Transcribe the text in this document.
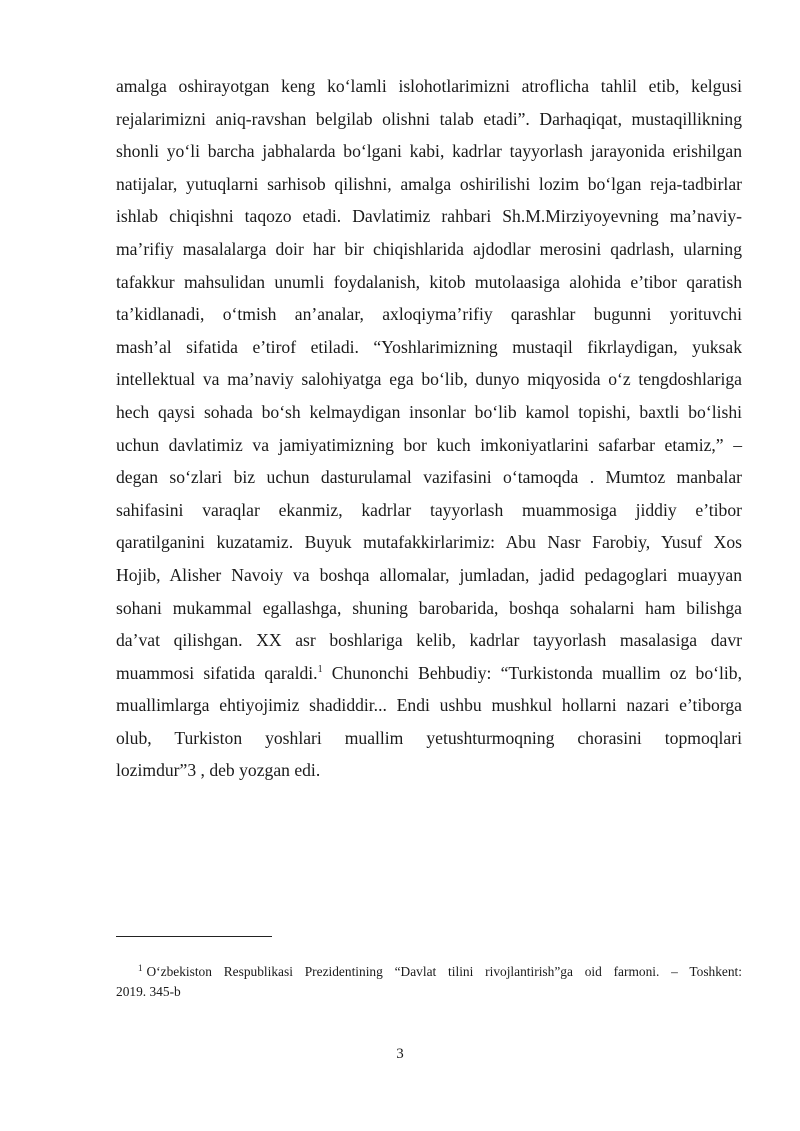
amalga oshirayotgan keng ko‘lamli islohotlarimizni atroflicha tahlil etib, kelgusi
rejalarimizni aniq-ravshan belgilab olishni talab etadi”. Darhaqiqat, mustaqillikning
shonli yo‘li barcha jabhalarda bo‘lgani kabi, kadrlar tayyorlash jarayonida erishilgan
natijalar, yutuqlarni sarhisob qilishni, amalga oshirilishi lozim bo‘lgan reja-tadbirlar
ishlab chiqishni taqozo etadi. Davlatimiz rahbari Sh.M.Mirziyoyevning ma’naviy-
ma’rifiy masalalarga doir har bir chiqishlarida ajdodlar merosini qadrlash, ularning
tafakkur mahsulidan unumli foydalanish, kitob mutolaasiga alohida e’tibor qaratish
ta’kidlanadi, o‘tmish an’analar, axloqiyma’rifiy qarashlar bugunni yorituvchi
mash’al sifatida e’tirof etiladi. “Yoshlarimizning mustaqil fikrlaydigan, yuksak
intellektual va ma’naviy salohiyatga ega bo‘lib, dunyo miqyosida o‘z tengdoshlariga
hech qaysi sohada bo‘sh kelmaydigan insonlar bo‘lib kamol topishi, baxtli bo‘lishi
uchun davlatimiz va jamiyatimizning bor kuch imkoniyatlarini safarbar etamiz,” –
degan so‘zlari biz uchun dasturulamal vazifasini o‘tamoqda . Mumtoz manbalar
sahifasini varaqlar ekanmiz, kadrlar tayyorlash muammosiga jiddiy e’tibor
qaratilganini kuzatamiz. Buyuk mutafakkirlarimiz: Abu Nasr Farobiy, Yusuf Xos
Hojib, Alisher Navoiy va boshqa allomalar, jumladan, jadid pedagoglari muayyan
sohani mukammal egallashga, shuning barobarida, boshqa sohalarni ham bilishga
da’vat qilishgan. XX asr boshlariga kelib, kadrlar tayyorlash masalasiga davr
muammosi sifatida qaraldi.$^1$ Chunonchi Behbudiy: “Turkistonda muallim oz bo‘lib,
muallimlarga ehtiyojimiz shadiddir... Endi ushbu mushkul hollarni nazari e’tiborga
olub, Turkiston yoshlari muallim yetushturmoqning chorasini topmoqlari
lozimdur”3 , deb yozgan edi.
$^1$ O‘zbekiston Respublikasi Prezidentining “Davlat tilini rivojlantirish”ga oid farmoni. – Toshkent:
2019. 345-b
3
